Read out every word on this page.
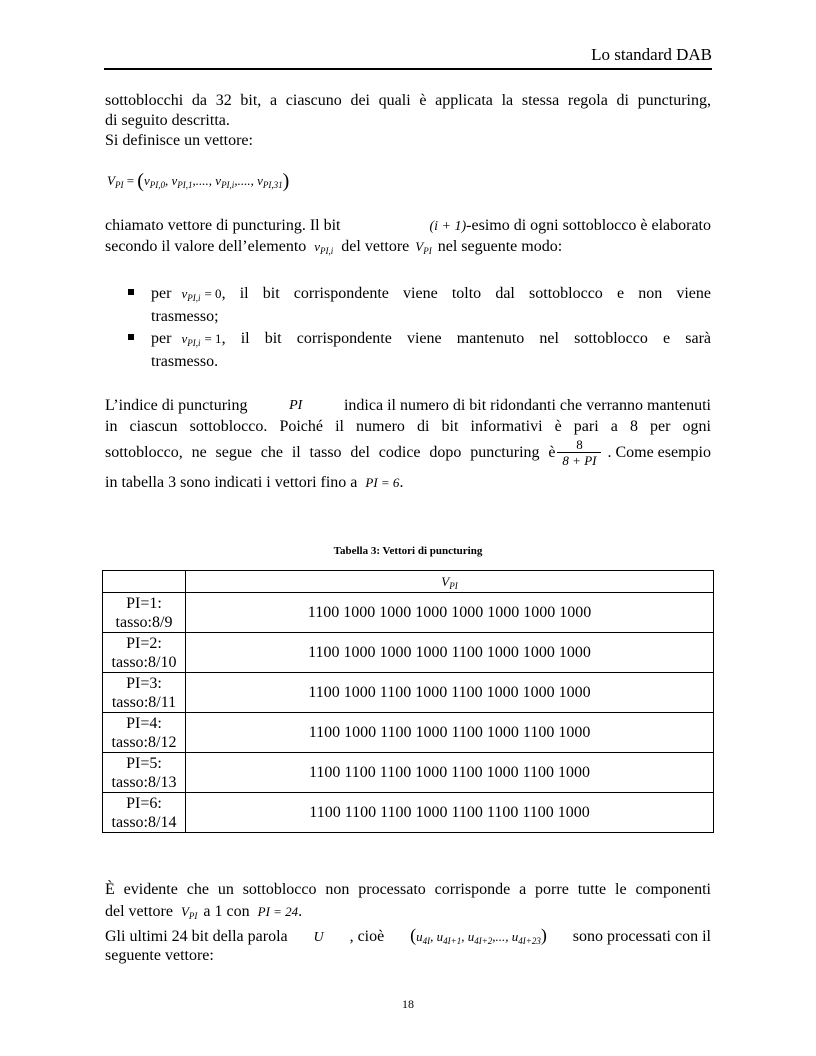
Lo standard DAB
sottoblocchi da 32 bit, a ciascuno dei quali è applicata la stessa regola di puncturing,
di seguito descritta.
Si definisce un vettore:
$V_{PI} = (v_{PI,0}$, $v_{PI,1}$,...., $v_{PI,i}$,...., $v_{PI,31}$)
chiamato vettore di puncturing. Il bit	(i + 1)-esimo di ogni sottoblocco è elaborato
secondo il valore dell’elemento $v_{PI,i}$ del vettore $V_{PI}$ nel seguente modo:
per $v_{PI,i} = 0$ , il bit corrispondente viene tolto dal sottoblocco e non viene
trasmesso;
per $v_{PI,i} = 1$ , il bit corrispondente viene mantenuto nel sottoblocco e sarà
trasmesso.
L’indice di puncturing	PI	indica il numero di bit ridondanti che verranno mantenuti
in ciascun sottoblocco. Poiché il numero di bit informativi è pari a 8 per ogni
sottoblocco, ne segue che il tasso del codice dopo puncturing è $\frac{8}{8 + PI}$ . Come esempio
in tabella 3 sono indicati i vettori fino a PI = 6.
Tabella 3: Vettori di puncturing
	$V_{PI}$

PI=1:
tasso:8/9	1100 1000 1000 1000 1000 1000 1000 1000

PI=2:
tasso:8/10	1100 1000 1000 1000 1100 1000 1000 1000

PI=3:
tasso:8/11	1100 1000 1100 1000 1100 1000 1000 1000

PI=4:
tasso:8/12	1100 1000 1100 1000 1100 1000 1100 1000

PI=5:
tasso:8/13	1100 1100 1100 1000 1100 1000 1100 1000

PI=6:
tasso:8/14	1100 1100 1100 1000 1100 1100 1100 1000
È evidente che un sottoblocco non processato corrisponde a porre tutte le componenti
del vettore $V_{PI}$ a 1 con PI = 24.
Gli ultimi 24 bit della parola U , cioè ($u_{4I}$, $u_{4I+1}$, $u_{4I+2}$,..., $u_{4I+23}$) sono processati con il
seguente vettore:
18
